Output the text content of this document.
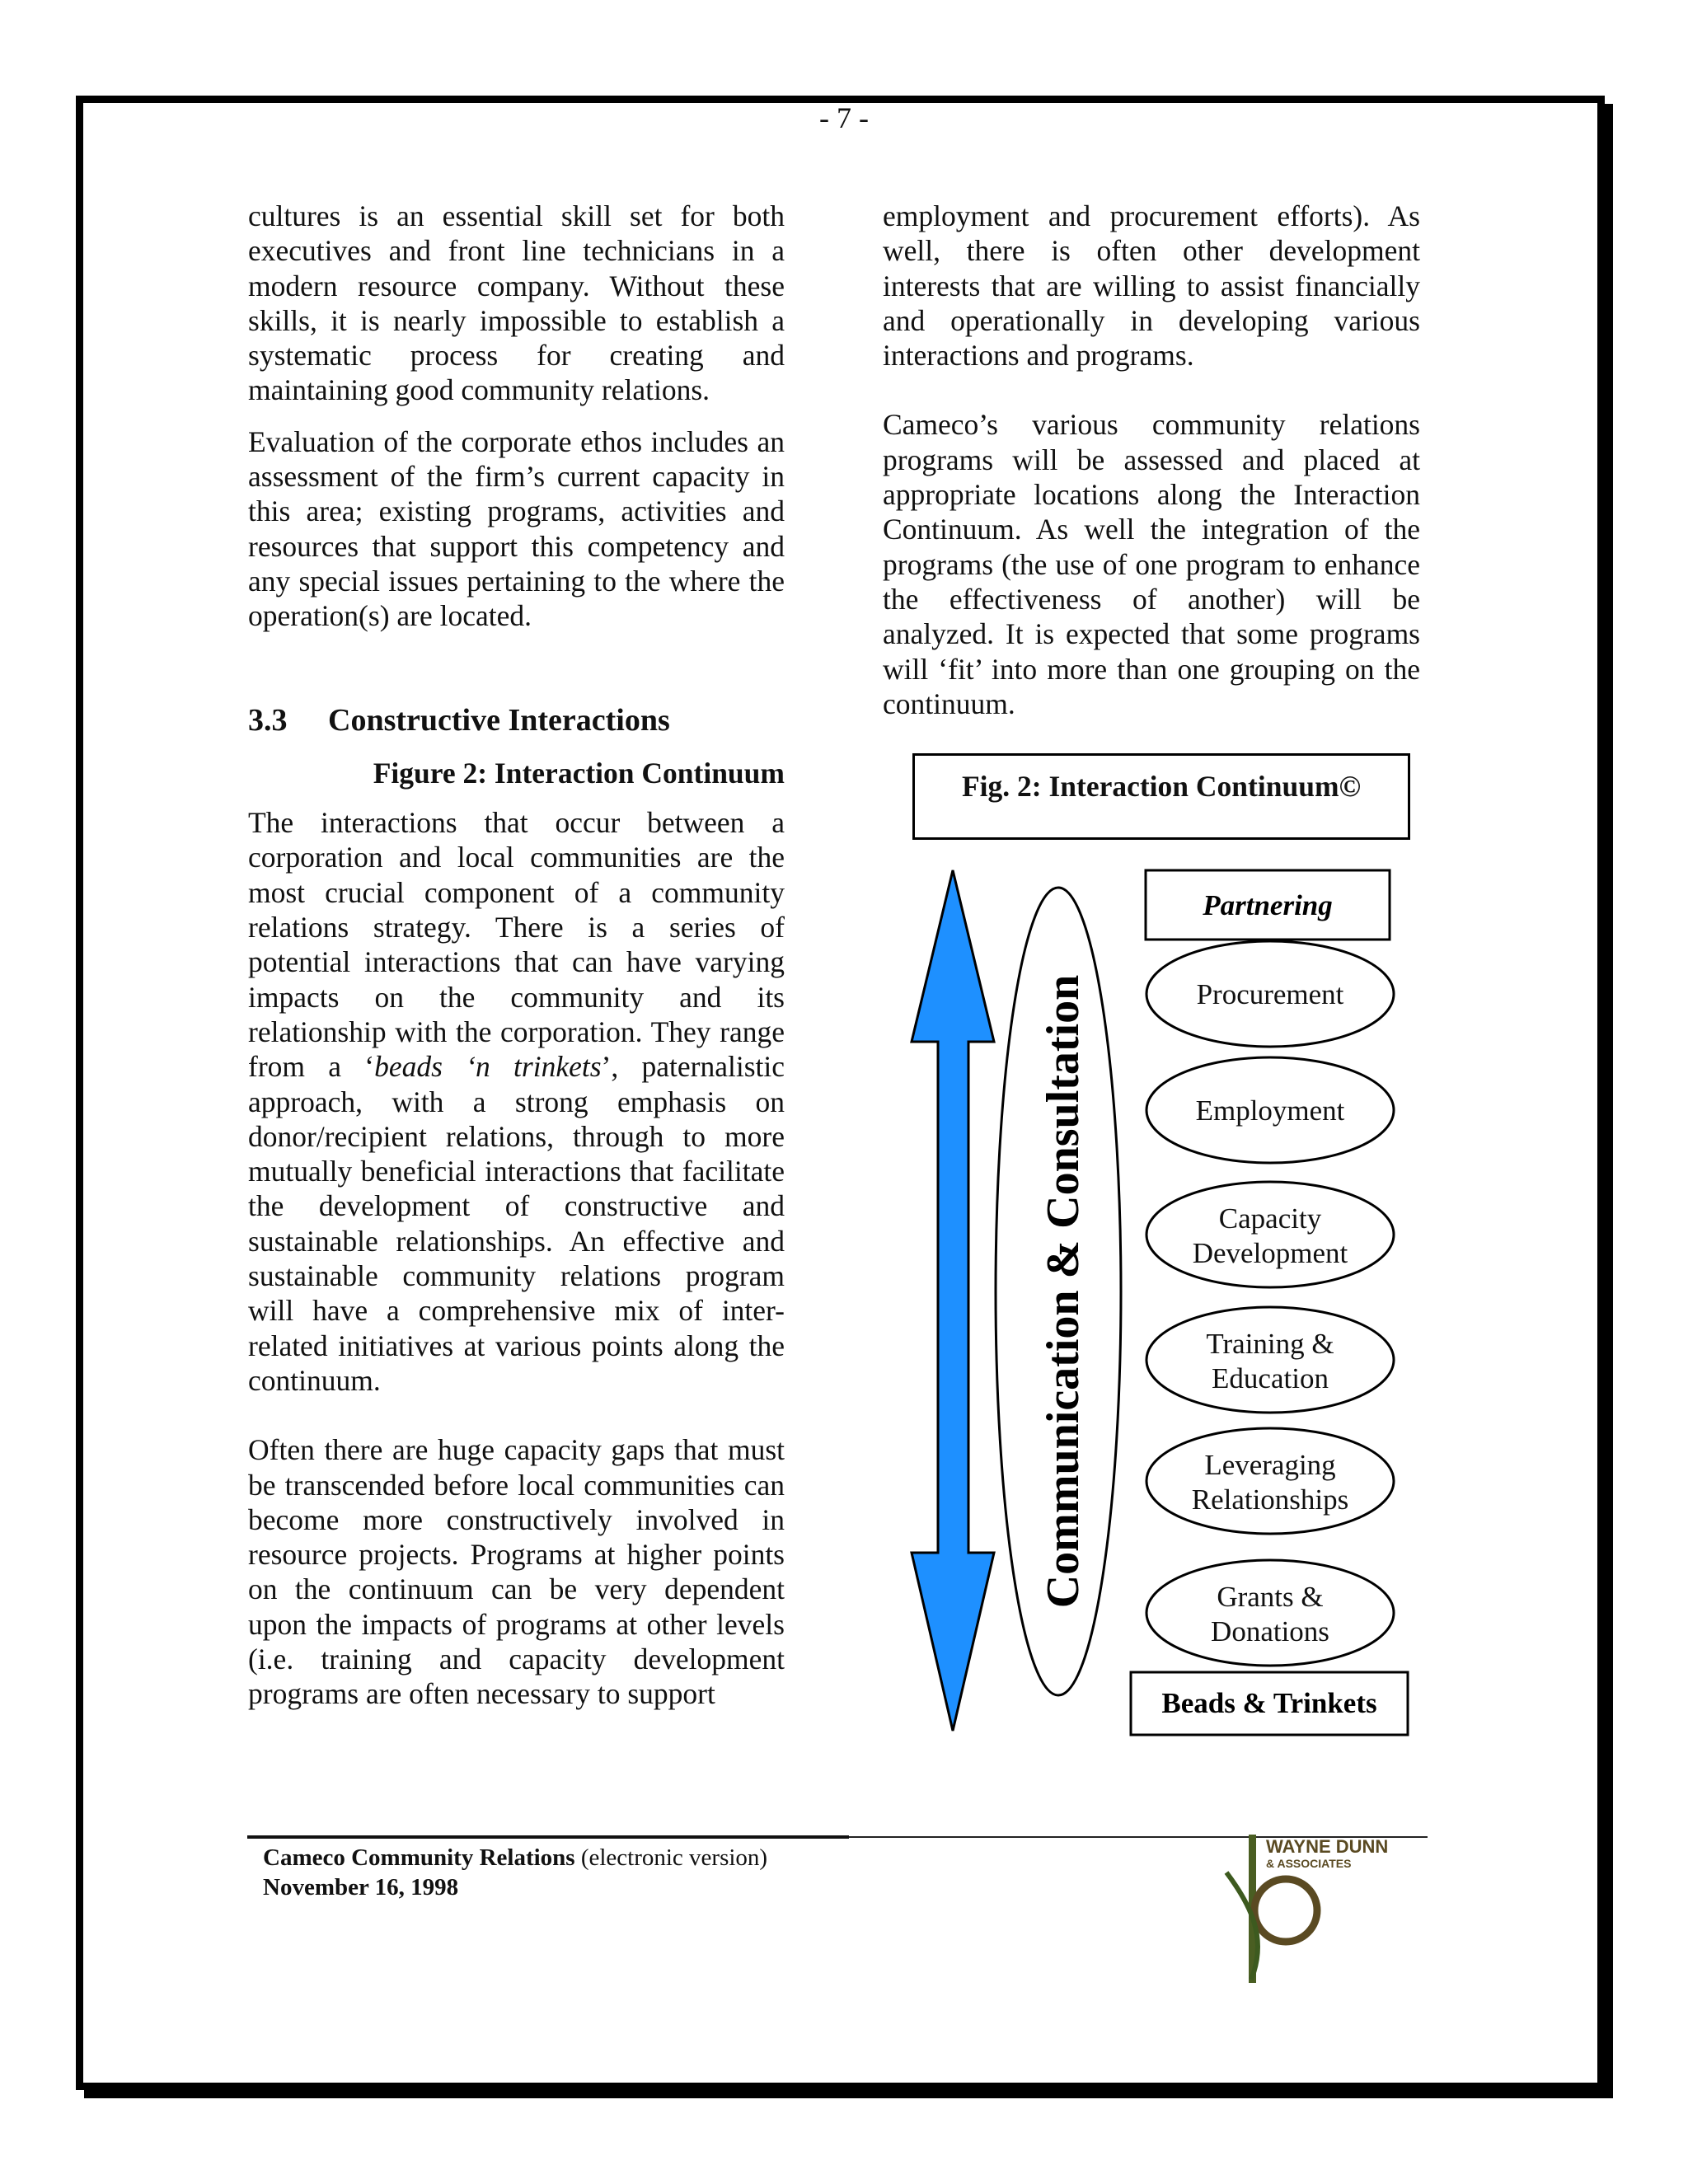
- 7 -

cultures is an essential skill set for both executives and front line technicians in a modern resource company. Without these skills, it is nearly impossible to establish a systematic process for creating and maintaining good community relations.

Evaluation of the corporate ethos includes an assessment of the firm’s current capacity in this area; existing programs, activities and resources that support this competency and any special issues pertaining to the where the operation(s) are located.

3.3 Constructive Interactions

Figure 2: Interaction Continuum

The interactions that occur between a corporation and local communities are the most crucial component of a community relations strategy. There is a series of potential interactions that can have varying impacts on the community and its relationship with the corporation. They range from a ‘beads ‘n trinkets’, paternalistic approach, with a strong emphasis on donor/recipient relations, through to more mutually beneficial interactions that facilitate the development of constructive and sustainable relationships. An effective and sustainable community relations program will have a comprehensive mix of inter-related initiatives at various points along the continuum.

Often there are huge capacity gaps that must be transcended before local communities can become more constructively involved in resource projects. Programs at higher points on the continuum can be very dependent upon the impacts of programs at other levels (i.e. training and capacity development programs are often necessary to support

employment and procurement efforts). As well, there is often other development interests that are willing to assist financially and operationally in developing various interactions and programs.

Cameco’s various community relations programs will be assessed and placed at appropriate locations along the Interaction Continuum. As well the integration of the programs (the use of one program to enhance the effectiveness of another) will be analyzed. It is expected that some programs will ‘fit’ into more than one grouping on the continuum.

Fig. 2: Interaction Continuum©
Communication & Consultation
Partnering
Procurement
Employment
Capacity
Development
Training &
Education
Leveraging
Relationships
Grants &
Donations
Beads & Trinkets
Cameco Community Relations (electronic version)
November 16, 1998
WAYNE DUNN
& ASSOCIATES
